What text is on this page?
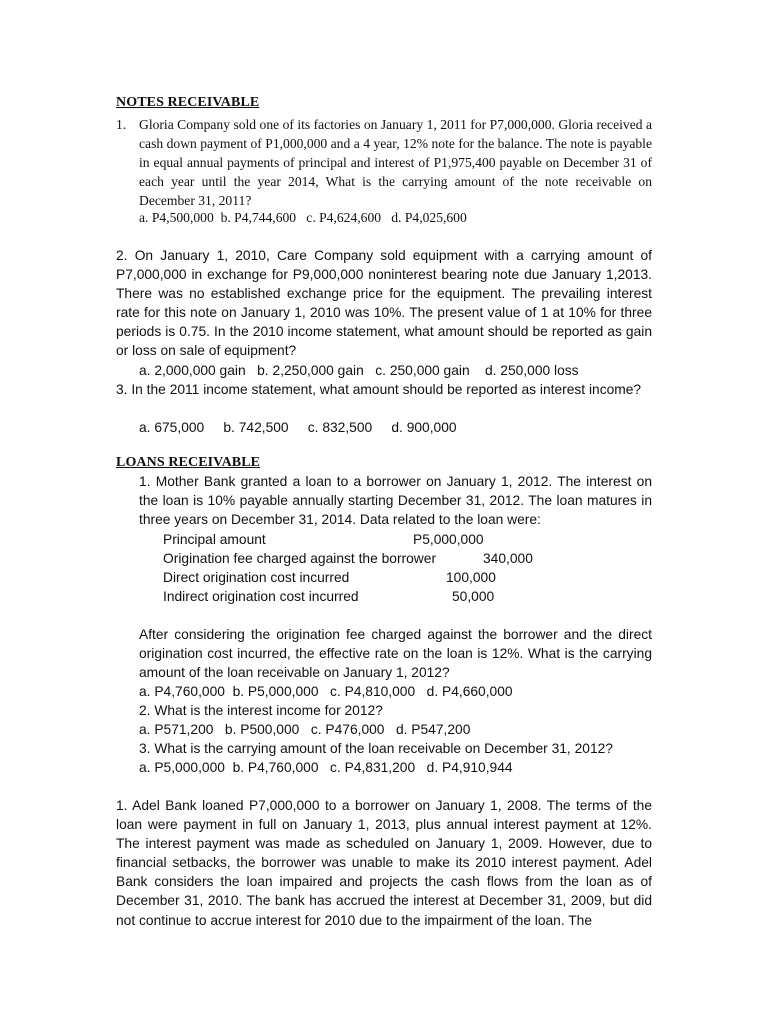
NOTES RECEIVABLE
1. Gloria Company sold one of its factories on January 1, 2011 for P7,000,000. Gloria received a cash down payment of P1,000,000 and a 4 year, 12% note for the balance. The note is payable in equal annual payments of principal and interest of P1,975,400 payable on December 31 of each year until the year 2014, What is the carrying amount of the note receivable on December 31, 2011?
a. P4,500,000  b. P4,744,600   c. P4,624,600   d. P4,025,600
2. On January 1, 2010, Care Company sold equipment with a carrying amount of P7,000,000 in exchange for P9,000,000 noninterest bearing note due January 1,2013. There was no established exchange price for the equipment. The prevailing interest rate for this note on January 1, 2010 was 10%. The present value of 1 at 10% for three periods is 0.75. In the 2010 income statement, what amount should be reported as gain or loss on sale of equipment?
a. 2,000,000 gain   b. 2,250,000 gain   c. 250,000 gain    d. 250,000 loss
3. In the 2011 income statement, what amount should be reported as interest income?
a. 675,000     b. 742,500     c. 832,500     d. 900,000
LOANS RECEIVABLE
1. Mother Bank granted a loan to a borrower on January 1, 2012. The interest on the loan is 10% payable annually starting December 31, 2012. The loan matures in three years on December 31, 2014. Data related to the loan were:
Principal amount	P5,000,000
Origination fee charged against the borrower	340,000
Direct origination cost incurred	100,000
Indirect origination cost incurred	50,000
After considering the origination fee charged against the borrower and the direct origination cost incurred, the effective rate on the loan is 12%. What is the carrying amount of the loan receivable on January 1, 2012?
a. P4,760,000  b. P5,000,000   c. P4,810,000   d. P4,660,000
2. What is the interest income for 2012?
a. P571,200   b. P500,000   c. P476,000   d. P547,200
3. What is the carrying amount of the loan receivable on December 31, 2012?
a. P5,000,000  b. P4,760,000   c. P4,831,200   d. P4,910,944
1. Adel Bank loaned P7,000,000 to a borrower on January 1, 2008. The terms of the loan were payment in full on January 1, 2013, plus annual interest payment at 12%. The interest payment was made as scheduled on January 1, 2009. However, due to financial setbacks, the borrower was unable to make its 2010 interest payment. Adel Bank considers the loan impaired and projects the cash flows from the loan as of December 31, 2010. The bank has accrued the interest at December 31, 2009, but did not continue to accrue interest for 2010 due to the impairment of the loan. The
